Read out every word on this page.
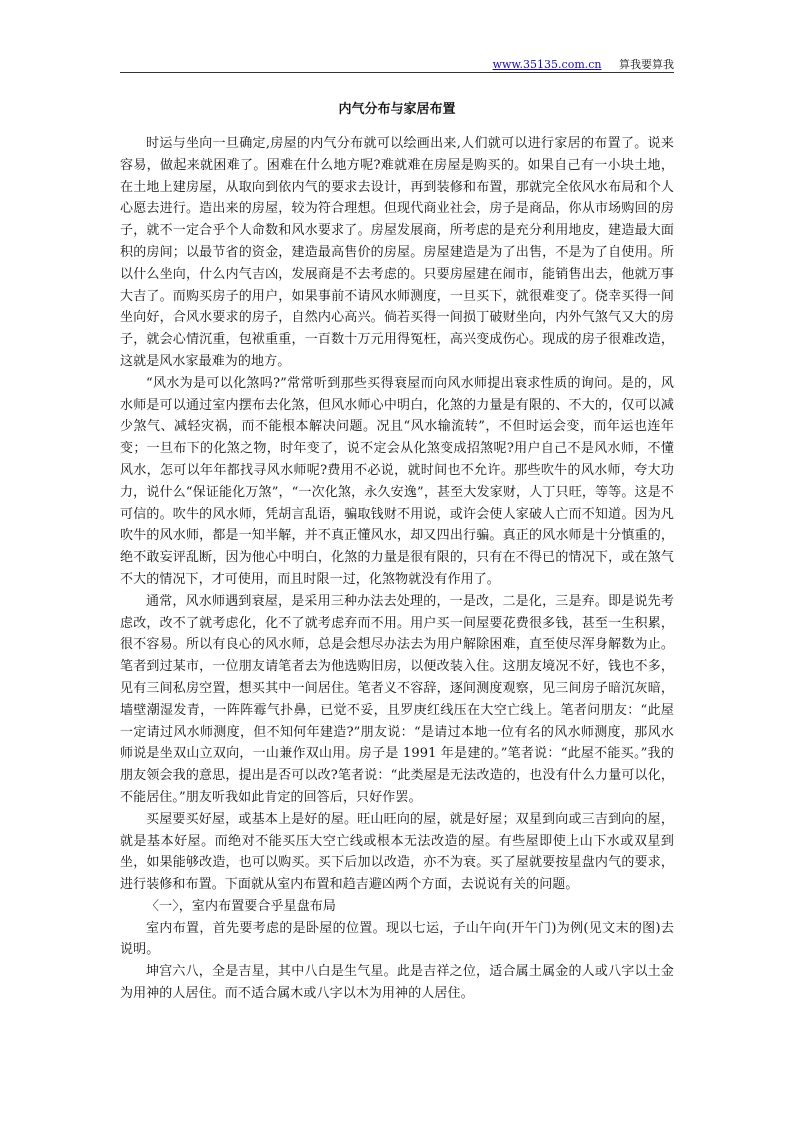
www.35135.com.cn 算我要算我
内气分布与家居布置

时运与坐向一旦确定,房屋的内气分布就可以绘画出来,人们就可以进行家居的布置了。说来容易，做起来就困难了。困难在什么地方呢?难就难在房屋是购买的。如果自己有一小块土地，在土地上建房屋，从取向到依内气的要求去设计，再到装修和布置，那就完全依风水布局和个人心愿去进行。造出来的房屋，较为符合理想。但现代商业社会，房子是商品，你从市场购回的房子，就不一定合乎个人命数和风水要求了。房屋发展商，所考虑的是充分利用地皮，建造最大面积的房间；以最节省的资金，建造最高售价的房屋。房屋建造是为了出售，不是为了自使用。所以什么坐向，什么内气吉凶，发展商是不去考虑的。只要房屋建在闹市，能销售出去，他就万事大吉了。而购买房子的用户，如果事前不请风水师测度，一旦买下，就很难变了。侥幸买得一间坐向好，合风水要求的房子，自然内心高兴。倘若买得一间损丁破财坐向，内外气煞气又大的房子，就会心情沉重，包袱重重，一百数十万元用得冤枉，高兴变成伤心。现成的房子很难改造，这就是风水家最难为的地方。

“风水为是可以化煞吗?”常常听到那些买得衰屋而向风水师提出衰求性质的询问。是的，风水师是可以通过室内摆布去化煞，但风水师心中明白，化煞的力量是有限的、不大的，仅可以减少煞气、减轻灾祸，而不能根本解决问题。况且“风水输流转”，不但时运会变，而年运也连年变；一旦布下的化煞之物，时年变了，说不定会从化煞变成招煞呢?用户自己不是风水师，不懂风水，怎可以年年都找寻风水师呢?费用不必说，就时间也不允许。那些吹牛的风水师，夸大功力，说什么“保证能化万煞”，“一次化煞，永久安逸”，甚至大发家财，人丁只旺，等等。这是不可信的。吹牛的风水师，凭胡言乱语，骗取钱财不用说，或许会使人家破人亡而不知道。因为凡吹牛的风水师，都是一知半解，并不真正懂风水，却又四出行骗。真正的风水师是十分慎重的，绝不敢妄评乱断，因为他心中明白，化煞的力量是很有限的，只有在不得已的情况下，或在煞气不大的情况下，才可使用，而且时限一过，化煞物就没有作用了。

通常，风水师遇到衰屋，是采用三种办法去处理的，一是改，二是化，三是弃。即是说先考虑改，改不了就考虑化，化不了就考虑弃而不用。用户买一间屋要花费很多钱，甚至一生积累，很不容易。所以有良心的风水师，总是会想尽办法去为用户解除困难，直至使尽浑身解数为止。笔者到过某市，一位朋友请笔者去为他选购旧房，以便改装入住。这朋友境况不好，钱也不多，见有三间私房空置，想买其中一间居住。笔者义不容辞，逐间测度观察，见三间房子暗沉灰暗，墙壁潮湿发青，一阵阵霉气扑鼻，已觉不妥，且罗庚红线压在大空亡线上。笔者问朋友：“此屋一定请过风水师测度，但不知何年建造?”朋友说：“是请过本地一位有名的风水师测度，那风水师说是坐双山立双向，一山兼作双山用。房子是 1991 年是建的。”笔者说：“此屋不能买。”我的朋友领会我的意思，提出是否可以改?笔者说：“此类屋是无法改造的，也没有什么力量可以化，不能居住。”朋友听我如此肯定的回答后，只好作罢。

买屋要买好屋，或基本上是好的屋。旺山旺向的屋，就是好屋；双星到向或三吉到向的屋，就是基本好屋。而绝对不能买压大空亡线或根本无法改造的屋。有些屋即使上山下水或双星到坐，如果能够改造，也可以购买。买下后加以改造，亦不为衰。买了屋就要按星盘内气的要求，进行装修和布置。下面就从室内布置和趋吉避凶两个方面，去说说有关的问题。

〈一〉，室内布置要合乎星盘布局

室内布置，首先要考虑的是卧屋的位置。现以七运，子山午向(开午门)为例(见文末的图)去说明。

坤宫六八，全是吉星，其中八白是生气星。此是吉祥之位，适合属土属金的人或八字以土金为用神的人居住。而不适合属木或八字以木为用神的人居住。
